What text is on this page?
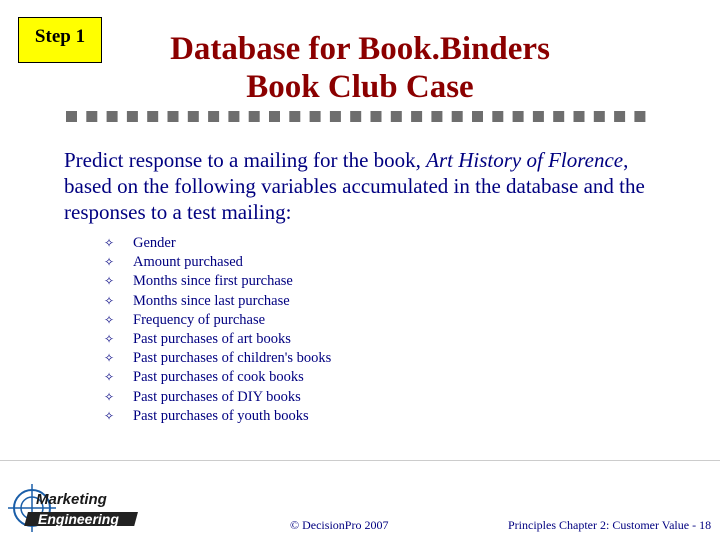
Step 1	Database for Book.Binders
Book Club Case
Predict response to a mailing for the book, Art History of Florence, based on the following variables accumulated in the database and the responses to a test mailing:
✧ Gender
✧ Amount purchased
✧ Months since first purchase
✧ Months since last purchase
✧ Frequency of purchase
✧ Past purchases of art books
✧ Past purchases of children's books
✧ Past purchases of cook books
✧ Past purchases of DIY books
✧ Past purchases of youth books
Marketing
Engineering	© DecisionPro 2007	Principles Chapter 2: Customer Value - 18
